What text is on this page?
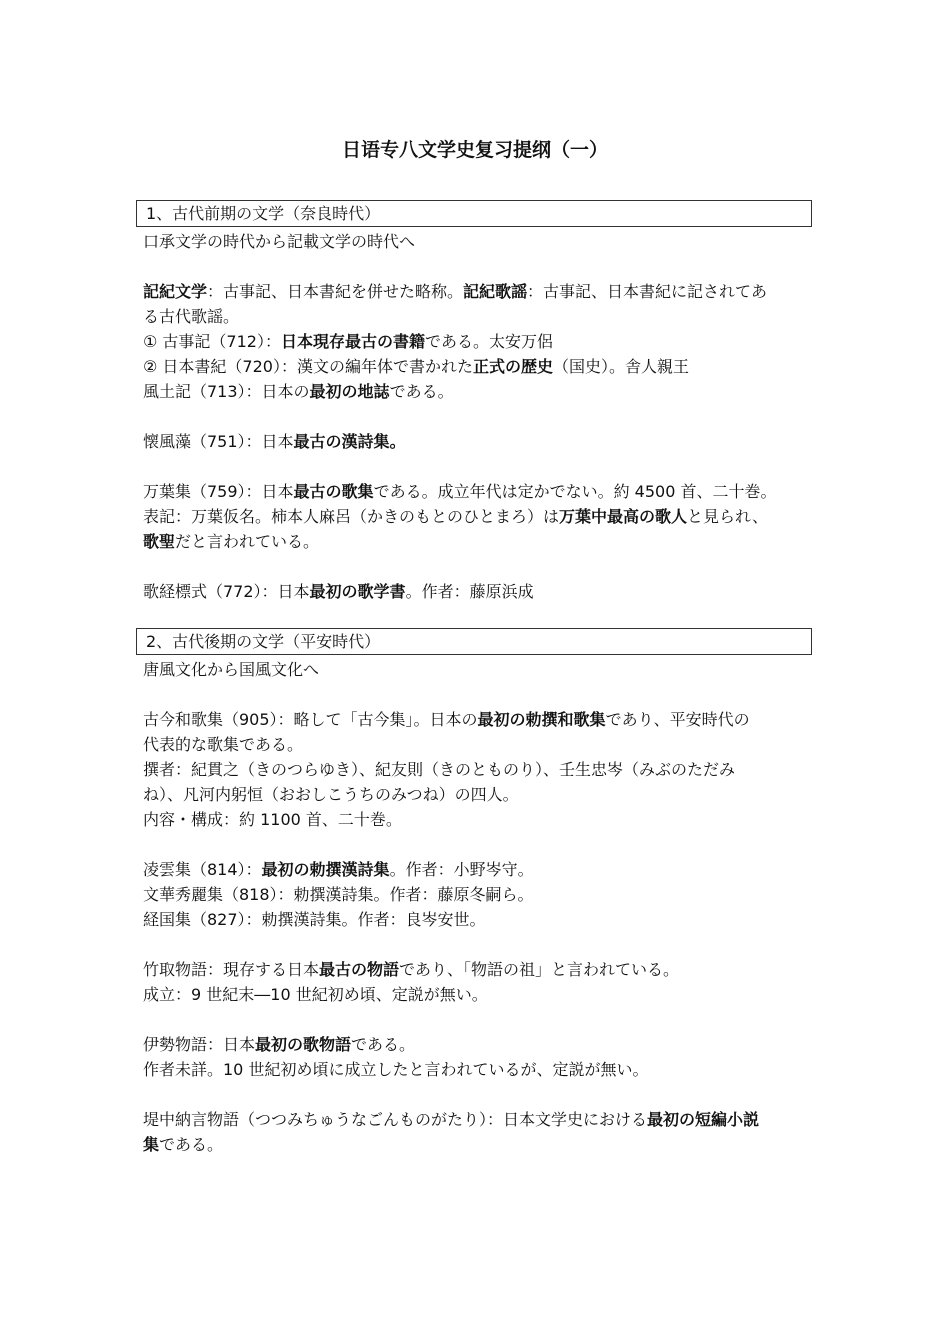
日语专八文学史复习提纲（一）
1、古代前期の文学（奈良時代）
口承文学の時代から記載文学の時代へ
記紀文学：古事記、日本書紀を併せた略称。記紀歌謡：古事記、日本書紀に記されてあ
る古代歌謡。
① 古事記（712）：日本現存最古の書籍である。太安万侶
② 日本書紀（720）：漢文の編年体で書かれた正式の歴史（国史）。舎人親王
風土記（713）：日本の最初の地誌である。
懐風藻（751）：日本最古の漢詩集。
万葉集（759）：日本最古の歌集である。成立年代は定かでない。約 4500 首、二十巻。
表記：万葉仮名。柿本人麻呂（かきのもとのひとまろ）は万葉中最高の歌人と見られ、
歌聖だと言われている。
歌経標式（772）：日本最初の歌学書。作者：藤原浜成
2、古代後期の文学（平安時代）
唐風文化から国風文化へ
古今和歌集（905）：略して「古今集」。日本の最初の勅撰和歌集であり、平安時代の
代表的な歌集である。
撰者：紀貫之（きのつらゆき）、紀友則（きのとものり）、壬生忠岑（みぶのただみ
ね）、凡河内躬恒（おおしこうちのみつね）の四人。
内容・構成：約 1100 首、二十巻。
凌雲集（814）：最初の勅撰漢詩集。作者：小野岑守。
文華秀麗集（818）：勅撰漢詩集。作者：藤原冬嗣ら。
経国集（827）：勅撰漢詩集。作者：良岑安世。
竹取物語：現存する日本最古の物語であり、「物語の祖」と言われている。
成立：9 世紀末―10 世紀初め頃、定説が無い。
伊勢物語：日本最初の歌物語である。
作者未詳。10 世紀初め頃に成立したと言われているが、定説が無い。
堤中納言物語（つつみちゅうなごんものがたり）：日本文学史における最初の短編小説
集である。
